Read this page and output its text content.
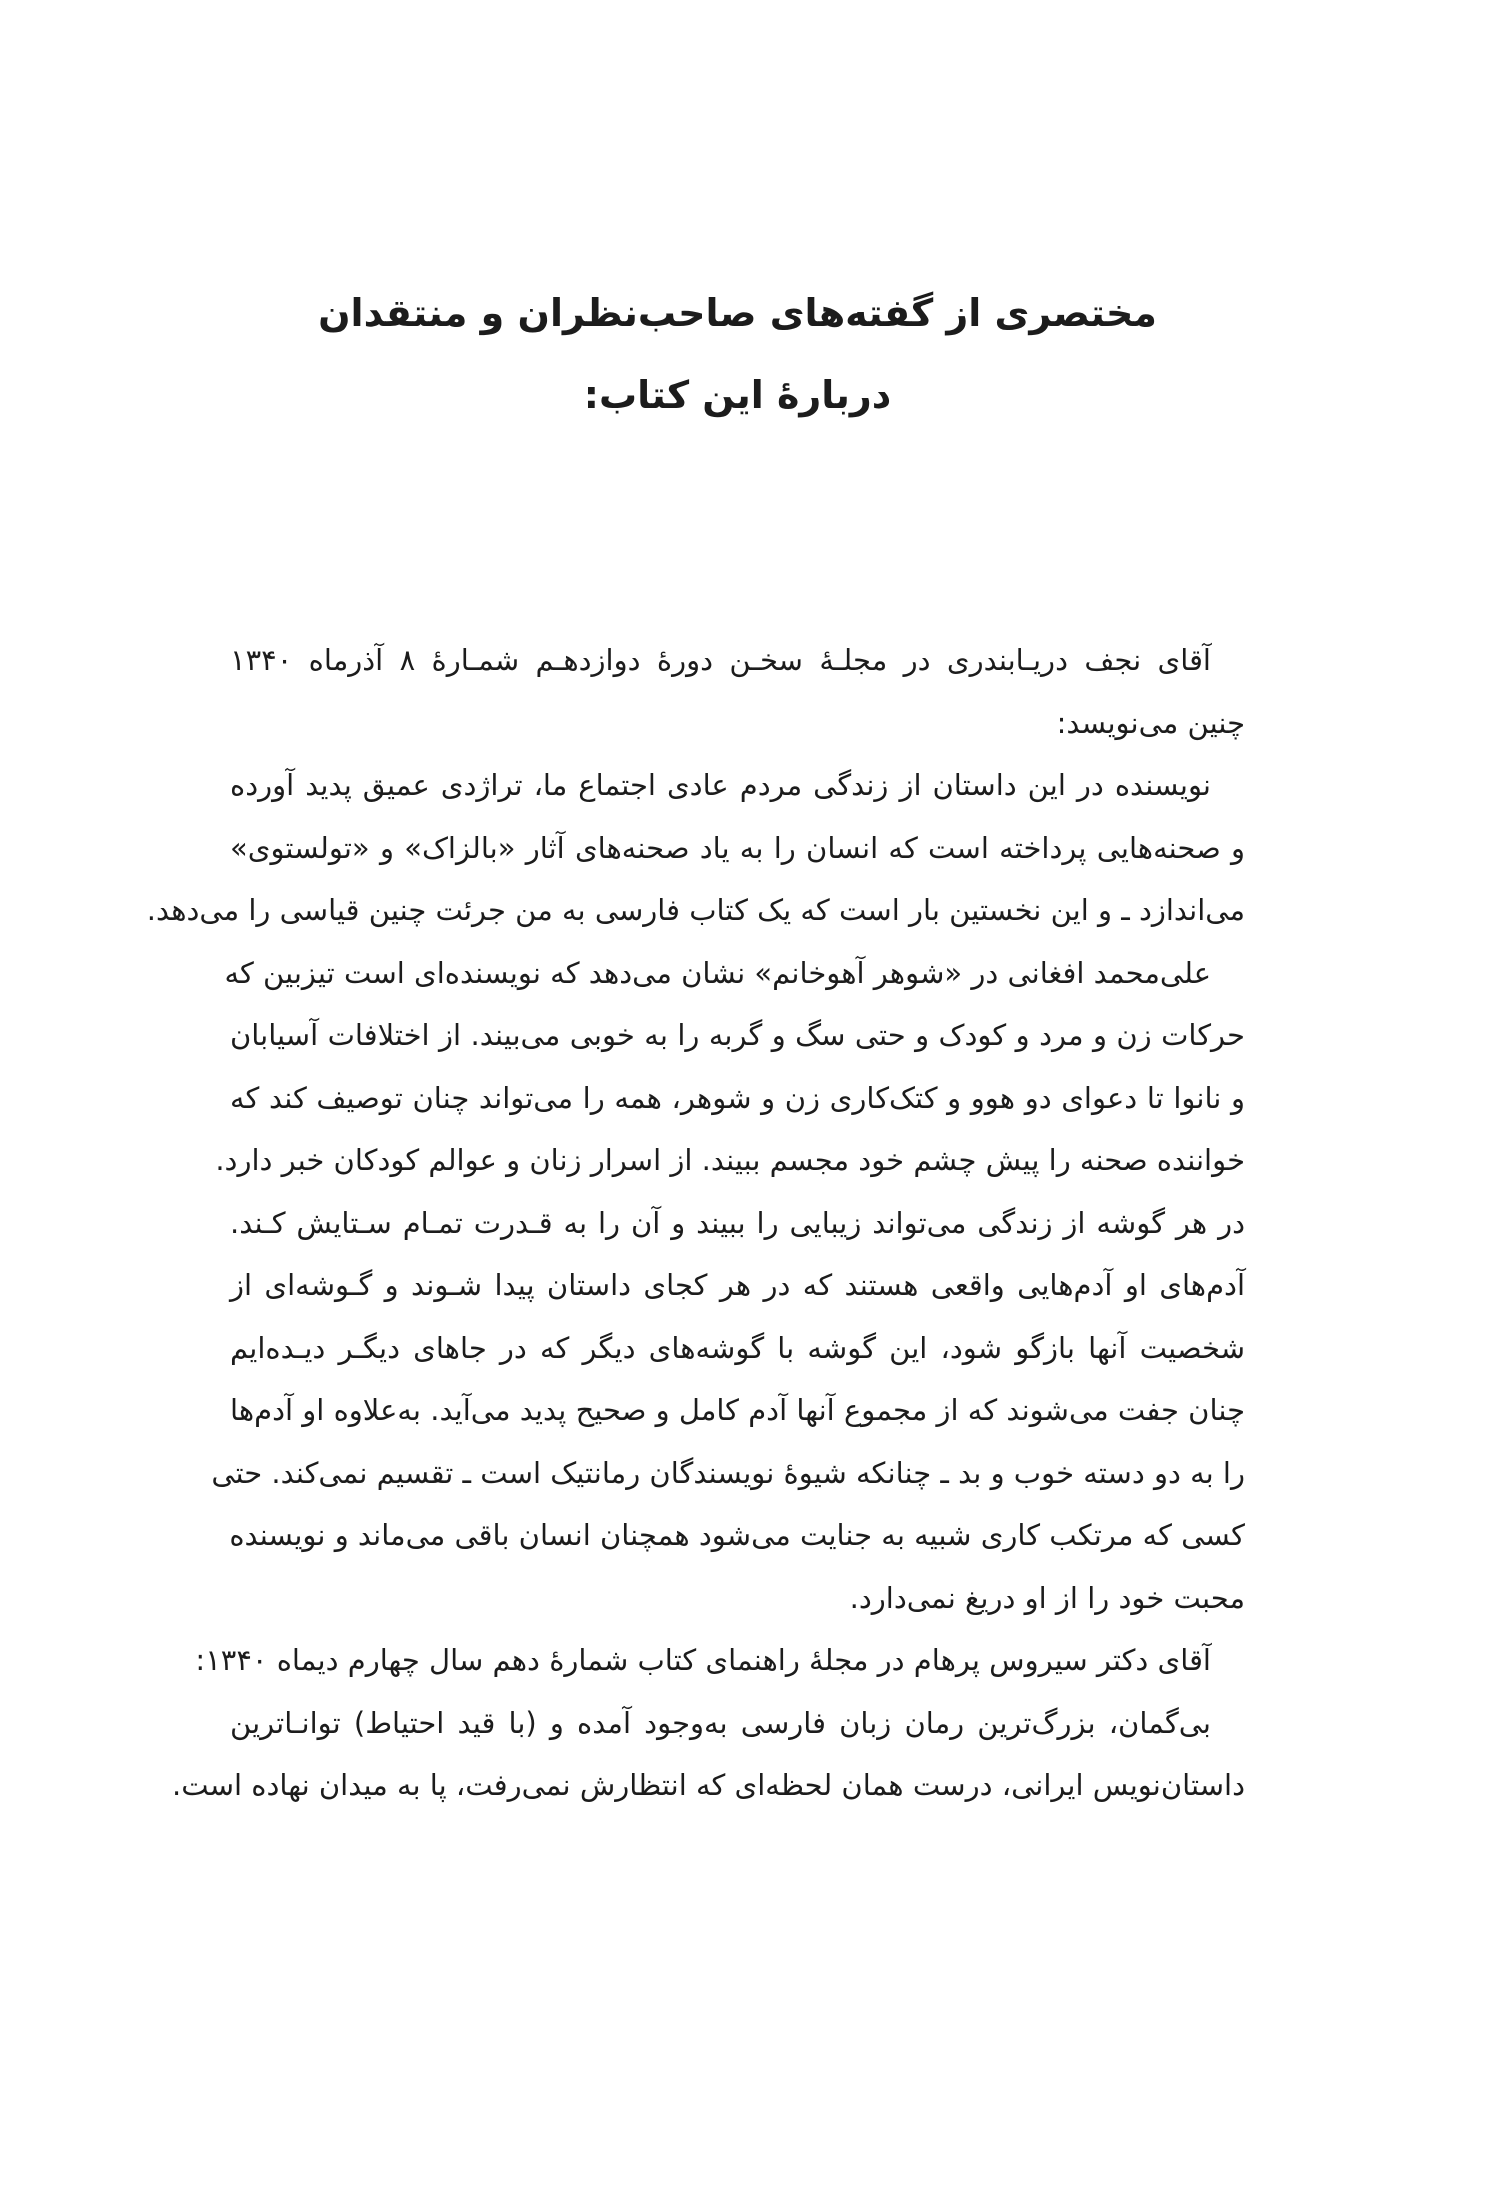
مختصری از گفته‌های صاحب‌نظران و منتقدان
دربارهٔ این کتاب:
آقای نجف دریـابندری در مجلـهٔ سخـن دورهٔ دوازدهـم شمـارهٔ ۸ آذرماه ۱۳۴۰
چنین می‌نویسد:
نویسنده در این داستان از زندگی مردم عادی اجتماع ما، تراژدی عمیق پدید آورده
و صحنه‌هایی پرداخته است که انسان را به یاد صحنه‌های آثار «بالزاک» و «تولستوی»
می‌اندازد ـ و این نخستین بار است که یک کتاب فارسی به من جرئت چنین قیاسی را می‌دهد.
علی‌محمد افغانی در «شوهر آهوخانم» نشان می‌دهد که نویسنده‌ای است تیزبین که
حرکات زن و مرد و کودک و حتی سگ و گربه را به خوبی می‌بیند. از اختلافات آسیابان
و نانوا تا دعوای دو هوو و کتک‌کاری زن و شوهر، همه را می‌تواند چنان توصیف کند که
خواننده صحنه را پیش چشم خود مجسم ببیند. از اسرار زنان و عوالم کودکان خبر دارد.
در هر گوشه از زندگی می‌تواند زیبایی را ببیند و آن را به قـدرت تمـام سـتایش کـند.
آدم‌های او آدم‌هایی واقعی هستند که در هر کجای داستان پیدا شـوند و گـوشه‌ای از
شخصیت آنها بازگو شود، این گوشه با گوشه‌های دیگر که در جاهای دیگـر دیـده‌ایم
چنان جفت می‌شوند که از مجموع آنها آدم کامل و صحیح پدید می‌آید. به‌علاوه او آدم‌ها
را به دو دسته خوب و بد ـ چنانکه شیوهٔ نویسندگان رمانتیک است ـ تقسیم نمی‌کند. حتی
کسی که مرتکب کاری شبیه به جنایت می‌شود همچنان انسان باقی می‌ماند و نویسنده
محبت خود را از او دریغ نمی‌دارد.
آقای دکتر سیروس پرهام در مجلهٔ راهنمای کتاب شمارهٔ دهم سال چهارم دیماه ۱۳۴۰:
بی‌گمان، بزرگ‌ترین رمان زبان فارسی به‌وجود آمده و (با قید احتیاط) توانـاترین
داستان‌نویس ایرانی، درست همان لحظه‌ای که انتظارش نمی‌رفت، پا به میدان نهاده است.
